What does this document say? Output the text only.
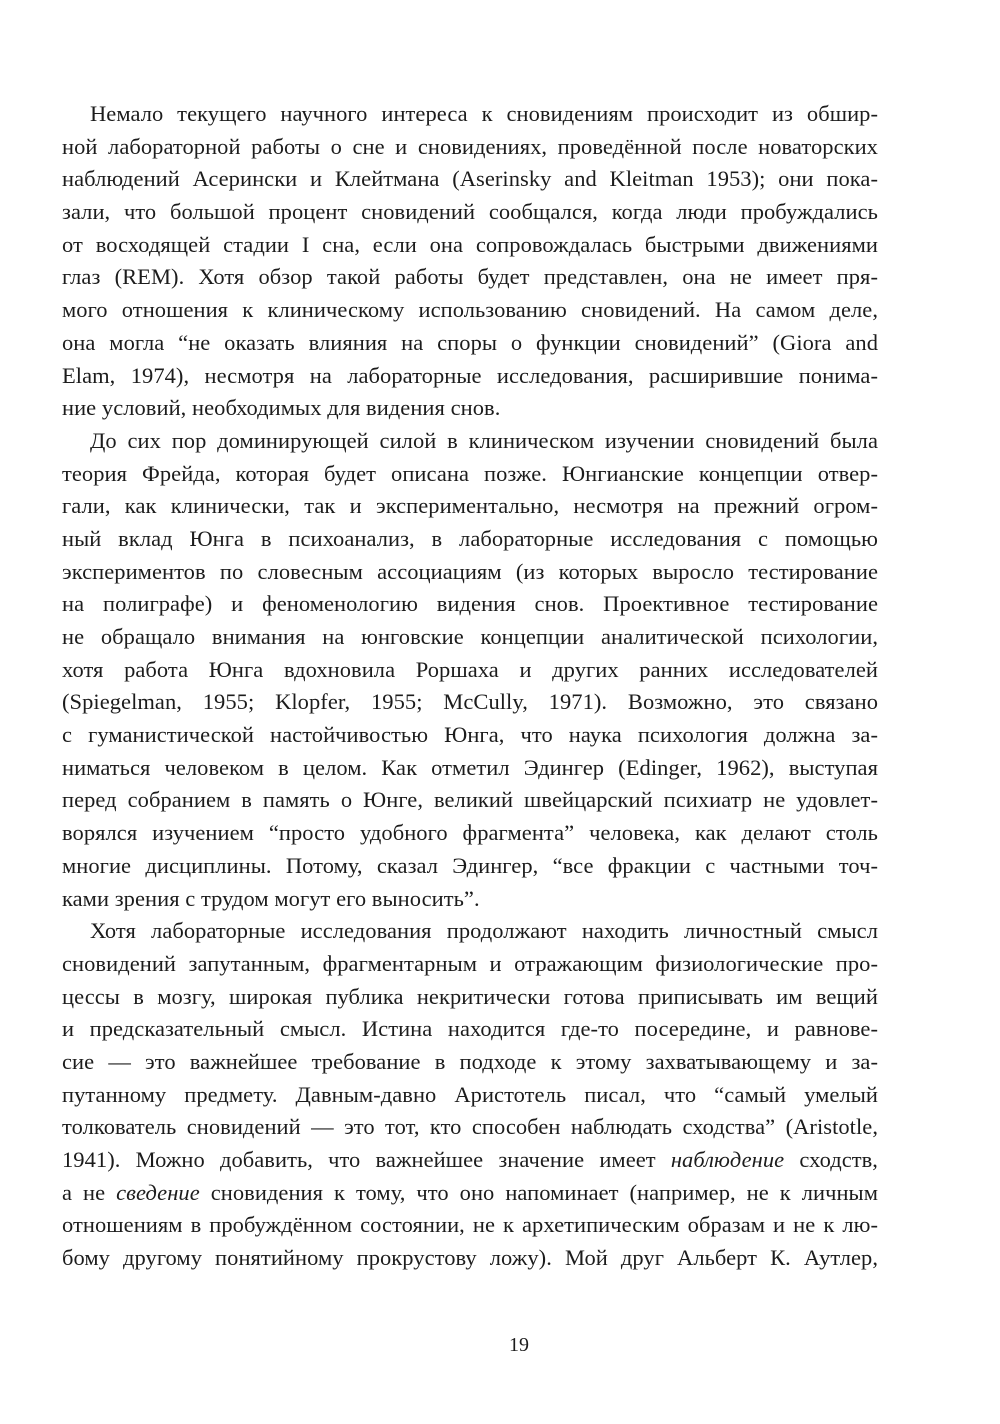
Немало текущего научного интереса к сновидениям происходит из обшир-
ной лабораторной работы о сне и сновидениях, проведённой после новаторских
наблюдений Асерински и Клейтмана (Aserinsky and Kleitman 1953); они пока-
зали, что большой процент сновидений сообщался, когда люди пробуждались
от восходящей стадии I сна, если она сопровождалась быстрыми движениями
глаз (REM). Хотя обзор такой работы будет представлен, она не имеет пря-
мого отношения к клиническому использованию сновидений. На самом деле,
она могла “не оказать влияния на споры о функции сновидений” (Giora and
Elam, 1974), несмотря на лабораторные исследования, расширившие понима-
ние условий, необходимых для видения снов.
До сих пор доминирующей силой в клиническом изучении сновидений была
теория Фрейда, которая будет описана позже. Юнгианские концепции отвер-
гали, как клинически, так и экспериментально, несмотря на прежний огром-
ный вклад Юнга в психоанализ, в лабораторные исследования с помощью
экспериментов по словесным ассоциациям (из которых выросло тестирование
на полиграфе) и феноменологию видения снов. Проективное тестирование
не обращало внимания на юнговские концепции аналитической психологии,
хотя работа Юнга вдохновила Роршаха и других ранних исследователей
(Spiegelman, 1955; Klopfer, 1955; McCully, 1971). Возможно, это связано
с гуманистической настойчивостью Юнга, что наука психология должна за-
ниматься человеком в целом. Как отметил Эдингер (Edinger, 1962), выступая
перед собранием в память о Юнге, великий швейцарский психиатр не удовлет-
ворялся изучением “просто удобного фрагмента” человека, как делают столь
многие дисциплины. Потому, сказал Эдингер, “все фракции с частными точ-
ками зрения с трудом могут его выносить”.
Хотя лабораторные исследования продолжают находить личностный смысл
сновидений запутанным, фрагментарным и отражающим физиологические про-
цессы в мозгу, широкая публика некритически готова приписывать им вещий
и предсказательный смысл. Истина находится где-то посередине, и равнове-
сие — это важнейшее требование в подходе к этому захватывающему и за-
путанному предмету. Давным-давно Аристотель писал, что “самый умелый
толкователь сновидений — это тот, кто способен наблюдать сходства” (Aristotle,
1941). Можно добавить, что важнейшее значение имеет наблюдение сходств,
а не сведение сновидения к тому, что оно напоминает (например, не к личным
отношениям в пробуждённом состоянии, не к архетипическим образам и не к лю-
бому другому понятийному прокрустову ложу). Мой друг Альберт К. Аутлер,
19
